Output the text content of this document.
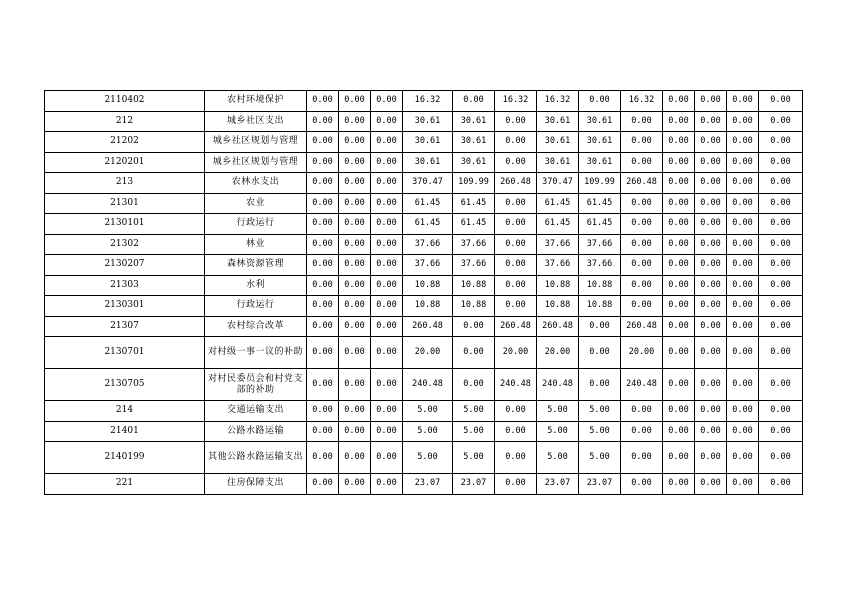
2110402	农村环境保护	0.00	0.00	0.00	16.32	0.00	16.32	16.32	0.00	16.32	0.00	0.00	0.00	0.00
212	城乡社区支出	0.00	0.00	0.00	30.61	30.61	0.00	30.61	30.61	0.00	0.00	0.00	0.00	0.00
21202	城乡社区规划与管理	0.00	0.00	0.00	30.61	30.61	0.00	30.61	30.61	0.00	0.00	0.00	0.00	0.00
2120201	城乡社区规划与管理	0.00	0.00	0.00	30.61	30.61	0.00	30.61	30.61	0.00	0.00	0.00	0.00	0.00
213	农林水支出	0.00	0.00	0.00	370.47	109.99	260.48	370.47	109.99	260.48	0.00	0.00	0.00	0.00
21301	农业	0.00	0.00	0.00	61.45	61.45	0.00	61.45	61.45	0.00	0.00	0.00	0.00	0.00
2130101	行政运行	0.00	0.00	0.00	61.45	61.45	0.00	61.45	61.45	0.00	0.00	0.00	0.00	0.00
21302	林业	0.00	0.00	0.00	37.66	37.66	0.00	37.66	37.66	0.00	0.00	0.00	0.00	0.00
2130207	森林资源管理	0.00	0.00	0.00	37.66	37.66	0.00	37.66	37.66	0.00	0.00	0.00	0.00	0.00
21303	水利	0.00	0.00	0.00	10.88	10.88	0.00	10.88	10.88	0.00	0.00	0.00	0.00	0.00
2130301	行政运行	0.00	0.00	0.00	10.88	10.88	0.00	10.88	10.88	0.00	0.00	0.00	0.00	0.00
21307	农村综合改革	0.00	0.00	0.00	260.48	0.00	260.48	260.48	0.00	260.48	0.00	0.00	0.00	0.00
2130701	对村级一事一议的补助	0.00	0.00	0.00	20.00	0.00	20.00	20.00	0.00	20.00	0.00	0.00	0.00	0.00
2130705	对村民委员会和村党支部的补助	0.00	0.00	0.00	240.48	0.00	240.48	240.48	0.00	240.48	0.00	0.00	0.00	0.00
214	交通运输支出	0.00	0.00	0.00	5.00	5.00	0.00	5.00	5.00	0.00	0.00	0.00	0.00	0.00
21401	公路水路运输	0.00	0.00	0.00	5.00	5.00	0.00	5.00	5.00	0.00	0.00	0.00	0.00	0.00
2140199	其他公路水路运输支出	0.00	0.00	0.00	5.00	5.00	0.00	5.00	5.00	0.00	0.00	0.00	0.00	0.00
221	住房保障支出	0.00	0.00	0.00	23.07	23.07	0.00	23.07	23.07	0.00	0.00	0.00	0.00	0.00
